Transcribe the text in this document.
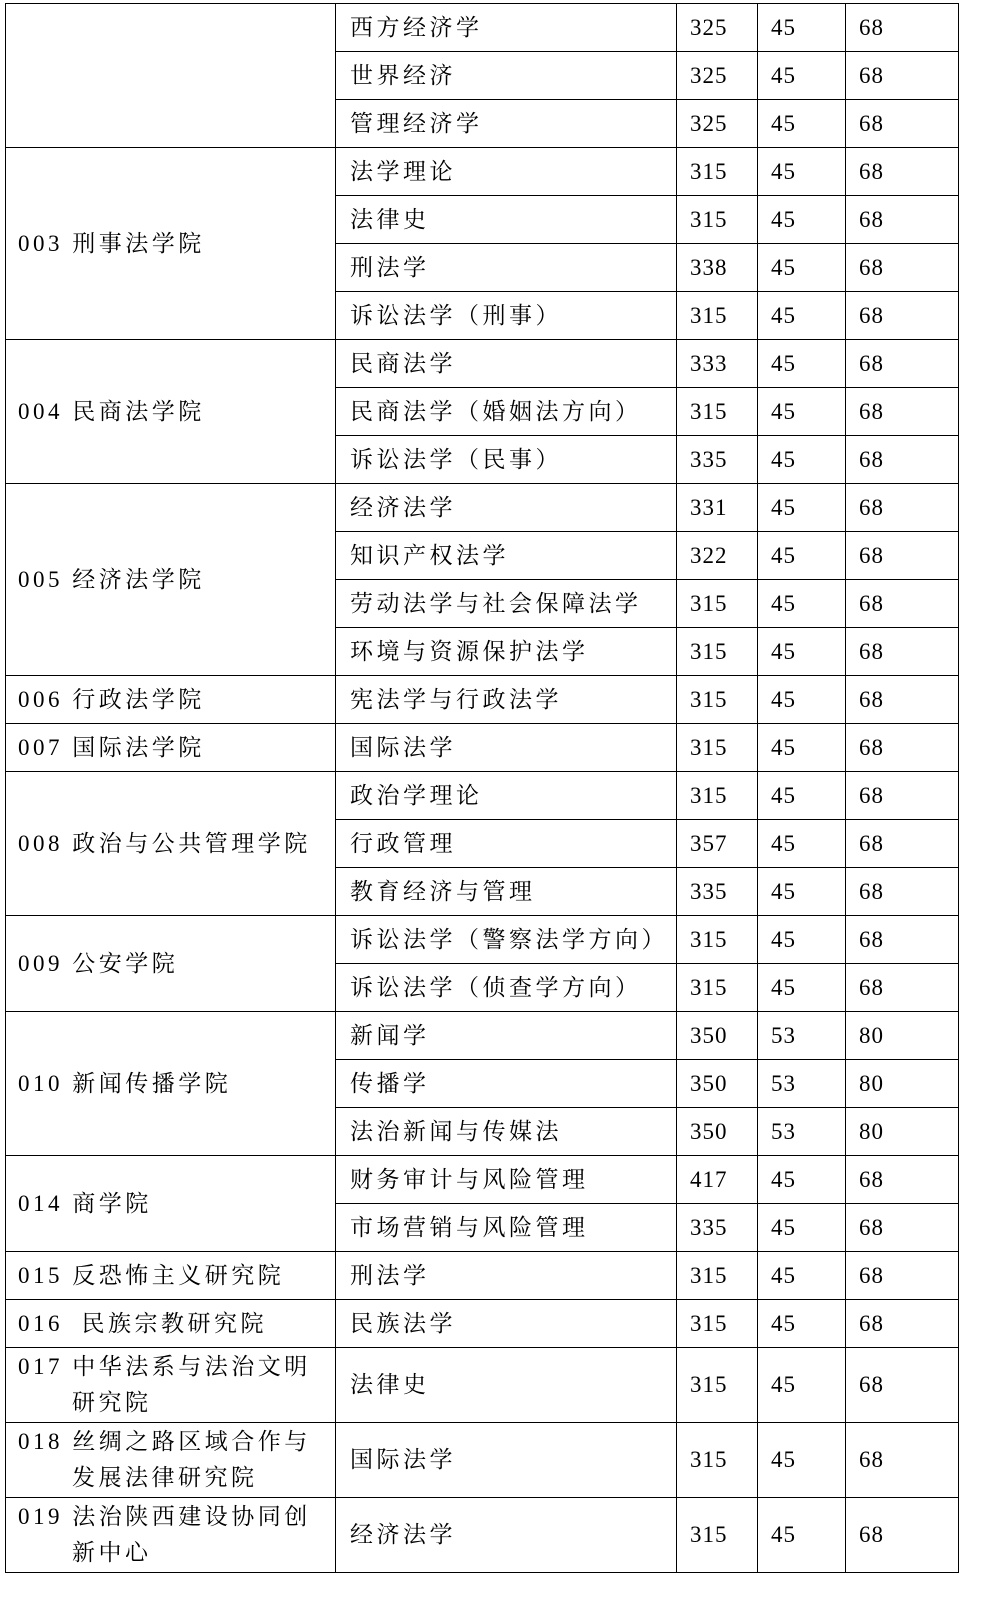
	西方经济学	325	45	68
	世界经济	325	45	68
	管理经济学	325	45	68
003 刑事法学院	法学理论	315	45	68
	法律史	315	45	68
	刑法学	338	45	68
	诉讼法学（刑事）	315	45	68
004 民商法学院	民商法学	333	45	68
	民商法学（婚姻法方向）	315	45	68
	诉讼法学（民事）	335	45	68
005 经济法学院	经济法学	331	45	68
	知识产权法学	322	45	68
	劳动法学与社会保障法学	315	45	68
	环境与资源保护法学	315	45	68
006 行政法学院	宪法学与行政法学	315	45	68
007 国际法学院	国际法学	315	45	68
008 政治与公共管理学院	政治学理论	315	45	68
	行政管理	357	45	68
	教育经济与管理	335	45	68
009 公安学院	诉讼法学（警察法学方向）	315	45	68
	诉讼法学（侦查学方向）	315	45	68
010 新闻传播学院	新闻学	350	53	80
	传播学	350	53	80
	法治新闻与传媒法	350	53	80
014 商学院	财务审计与风险管理	417	45	68
	市场营销与风险管理	335	45	68
015 反恐怖主义研究院	刑法学	315	45	68
016  民族宗教研究院	民族法学	315	45	68
017 中华法系与法治文明研究院	法律史	315	45	68
018 丝绸之路区域合作与发展法律研究院	国际法学	315	45	68
019 法治陕西建设协同创新中心	经济法学	315	45	68
